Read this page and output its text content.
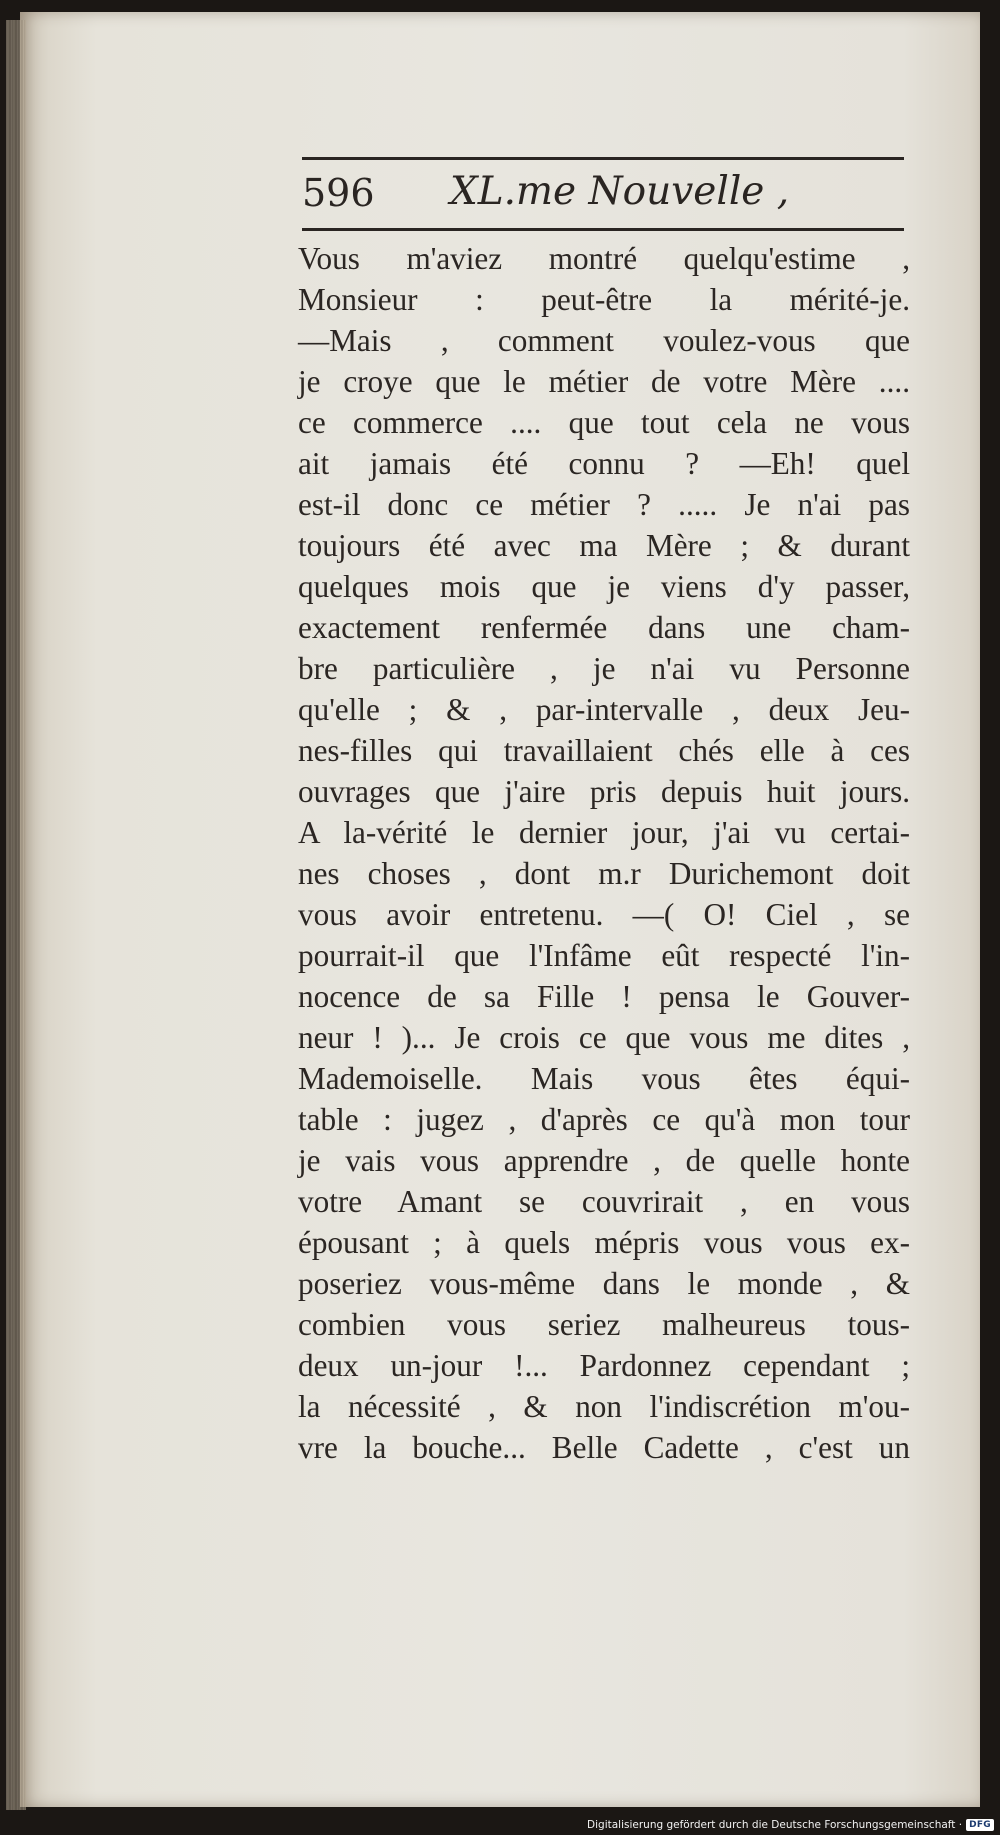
596 XL.me Nouvelle ,
Vous m'aviez montré quelqu'estime ,
Monsieur : peut-être la mérité-je.
—Mais , comment voulez-vous que
je croye que le métier de votre Mère ....
ce commerce .... que tout cela ne vous
ait jamais été connu ? —Eh! quel
est-il donc ce métier ? ..... Je n'ai pas
toujours été avec ma Mère ; & durant
quelques mois que je viens d'y passer,
exactement renfermée dans une cham-
bre particulière , je n'ai vu Personne
qu'elle ; & , par-intervalle , deux Jeu-
nes-filles qui travaillaient chés elle à ces
ouvrages que j'aire pris depuis huit jours.
A la-vérité le dernier jour, j'ai vu certai-
nes choses , dont m.r Durichemont doit
vous avoir entretenu. —( O! Ciel , se
pourrait-il que l'Infâme eût respecté l'in-
nocence de sa Fille ! pensa le Gouver-
neur ! )... Je crois ce que vous me dites ,
Mademoiselle. Mais vous êtes équi-
table : jugez , d'après ce qu'à mon tour
je vais vous apprendre , de quelle honte
votre Amant se couvrirait , en vous
épousant ; à quels mépris vous vous ex-
poseriez vous-même dans le monde , &
combien vous seriez malheureus tous-
deux un-jour !... Pardonnez cependant ;
la nécessité , & non l'indiscrétion m'ou-
vre la bouche... Belle Cadette , c'est un
Digitalisierung gefördert durch die Deutsche Forschungsgemeinschaft · DFG
